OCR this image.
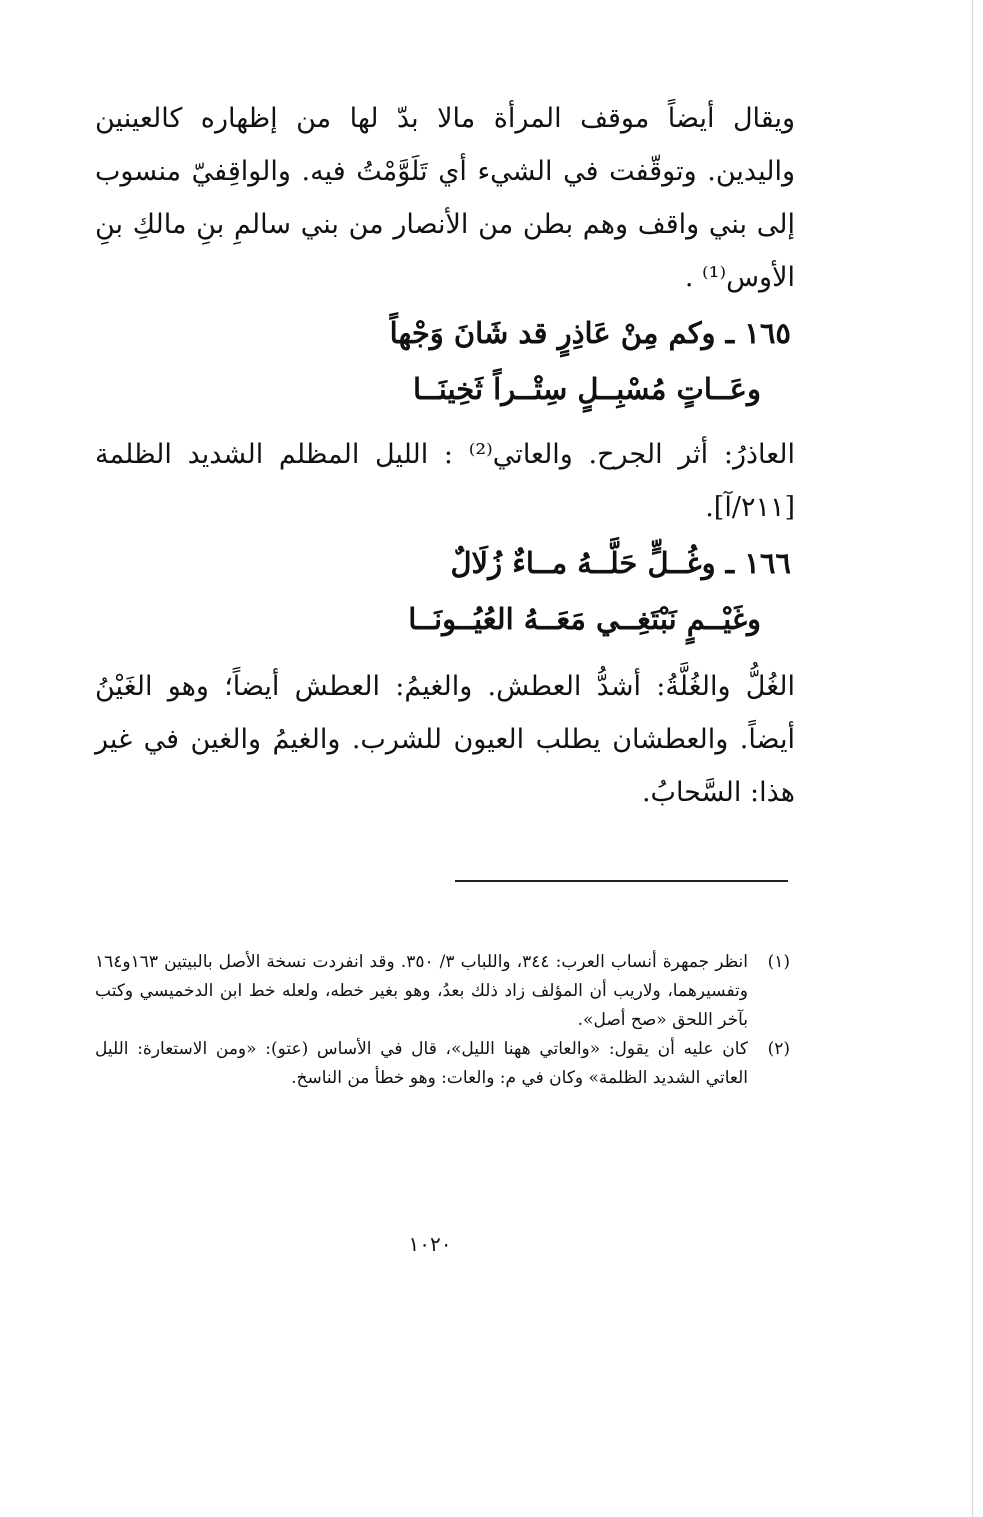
ويقال أيضاً موقف المرأة مالا بدّ لها من إظهاره كالعينين واليدين. وتوقّفت في الشيء أي تَلَوَّمْتُ فيه. والواقِفيّ منسوب إلى بني واقف وهم بطن من الأنصار من بني سالمِ بنِ مالكِ بنِ الأوس⁽¹⁾ .
١٦٥ ـ وكم مِنْ عَاذِرٍ قد شَانَ وَجْهاً
وعَــاتٍ مُسْبِــلٍ سِتْــراً ثَخِينَــا
العاذرُ: أثر الجرح. والعاتي⁽²⁾ : الليل المظلم الشديد الظلمة [٢١١/آ].
١٦٦ ـ وغُــلٍّ حَلَّــهُ مــاءٌ زُلَالٌ
وغَيْــمٍ نَبْتَغِــي مَعَــهُ العُيُــونَــا
الغُلُّ والغُلَّةُ: أشدُّ العطش. والغيمُ: العطش أيضاً؛ وهو الغَيْنُ أيضاً. والعطشان يطلب العيون للشرب. والغيمُ والغين في غير هذا: السَّحابُ.
(١)
انظر جمهرة أنساب العرب: ٣٤٤، واللباب ٣/ ٣٥٠. وقد انفردت نسخة الأصل بالبيتين ١٦٣و١٦٤ وتفسيرهما، ولاريب أن المؤلف زاد ذلك بعدُ، وهو بغير خطه، ولعله خط ابن الدخميسي وكتب بآخر اللحق «صح أصل».
(٢)
كان عليه أن يقول: «والعاتي ههنا الليل»، قال في الأساس (عتو): «ومن الاستعارة: الليل العاتي الشديد الظلمة» وكان في م: والعات: وهو خطأ من الناسخ.
١٠٢٠
